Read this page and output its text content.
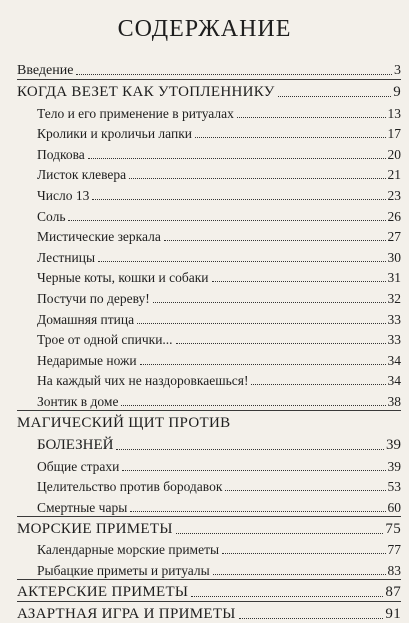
СОДЕРЖАНИЕ
Введение	3
КОГДА ВЕЗЕТ КАК УТОПЛЕННИКУ	9
Тело и его применение в ритуалах	13
Кролики и кроличьи лапки	17
Подкова	20
Листок клевера	21
Число 13	23
Соль	26
Мистические зеркала	27
Лестницы	30
Черные коты, кошки и собаки	31
Постучи по дереву!	32
Домашняя птица	33
Трое от одной спички...	33
Недаримые ножи	34
На каждый чих не наздоровкаешься!	34
Зонтик в доме	38
МАГИЧЕСКИЙ ЩИТ ПРОТИВ
БОЛЕЗНЕЙ	39
Общие страхи	39
Целительство против бородавок	53
Смертные чары	60
МОРСКИЕ ПРИМЕТЫ	75
Календарные морские приметы	77
Рыбацкие приметы и ритуалы	83
АКТЕРСКИЕ ПРИМЕТЫ	87
АЗАРТНАЯ ИГРА И ПРИМЕТЫ	91
